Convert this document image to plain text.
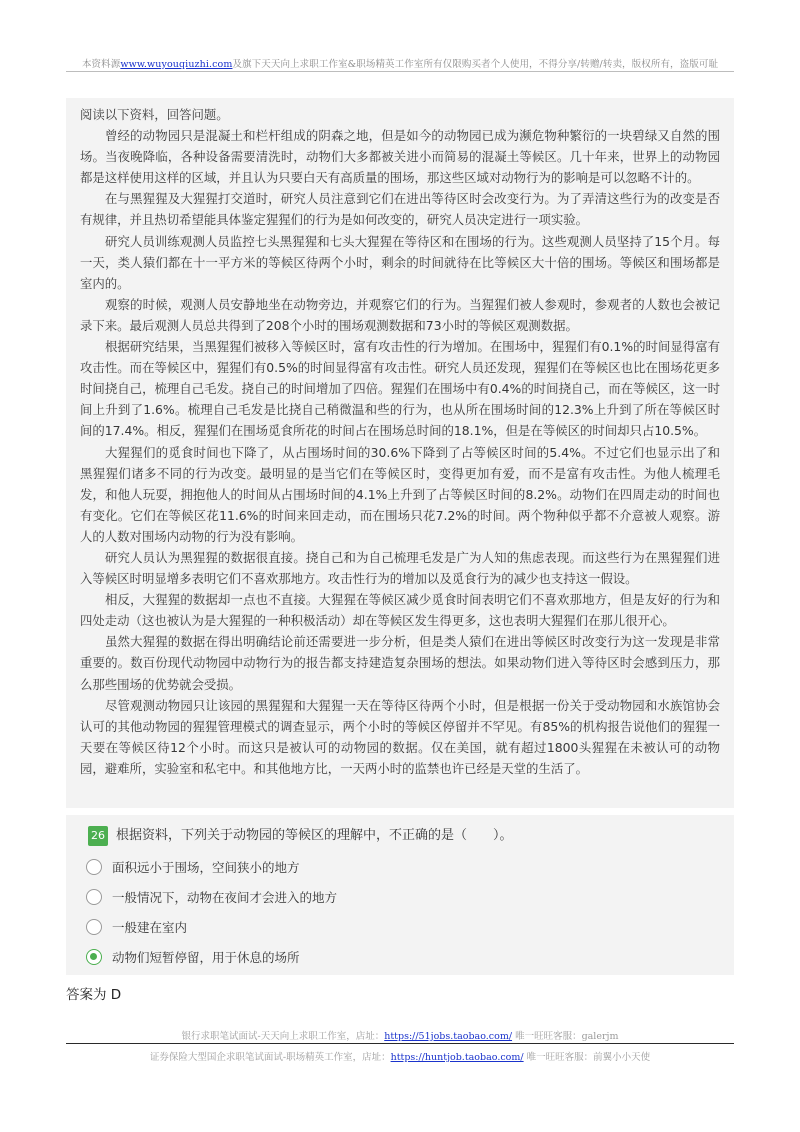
本资料源www.wuyouqiuzhi.com及旗下天天向上求职工作室&职场精英工作室所有仅限购买者个人使用，不得分享/转赠/转卖，版权所有，盗版可耻

阅读以下资料，回答问题。

曾经的动物园只是混凝土和栏杆组成的阴森之地，但是如今的动物园已成为濒危物种繁衍的一块碧绿又自然的围场。当夜晚降临，各种设备需要清洗时，动物们大多都被关进小而简易的混凝土等候区。几十年来，世界上的动物园都是这样使用这样的区域，并且认为只要白天有高质量的围场，那这些区域对动物行为的影响是可以忽略不计的。

在与黑猩猩及大猩猩打交道时，研究人员注意到它们在进出等待区时会改变行为。为了弄清这些行为的改变是否有规律，并且热切希望能具体鉴定猩猩们的行为是如何改变的，研究人员决定进行一项实验。

研究人员训练观测人员监控七头黑猩猩和七头大猩猩在等待区和在围场的行为。这些观测人员坚持了15个月。每一天，类人猿们都在十一平方米的等候区待两个小时，剩余的时间就待在比等候区大十倍的围场。等候区和围场都是室内的。

观察的时候，观测人员安静地坐在动物旁边，并观察它们的行为。当猩猩们被人参观时，参观者的人数也会被记录下来。最后观测人员总共得到了208个小时的围场观测数据和73小时的等候区观测数据。

根据研究结果，当黑猩猩们被移入等候区时，富有攻击性的行为增加。在围场中，猩猩们有0.1%的时间显得富有攻击性。而在等候区中，猩猩们有0.5%的时间显得富有攻击性。研究人员还发现，猩猩们在等候区也比在围场花更多时间挠自己，梳理自己毛发。挠自己的时间增加了四倍。猩猩们在围场中有0.4%的时间挠自己，而在等候区，这一时间上升到了1.6%。梳理自己毛发是比挠自己稍微温和些的行为，也从所在围场时间的12.3%上升到了所在等候区时间的17.4%。相反，猩猩们在围场觅食所花的时间占在围场总时间的18.1%，但是在等候区的时间却只占10.5%。

大猩猩们的觅食时间也下降了，从占围场时间的30.6%下降到了占等候区时间的5.4%。不过它们也显示出了和黑猩猩们诸多不同的行为改变。最明显的是当它们在等候区时，变得更加有爱，而不是富有攻击性。为他人梳理毛发，和他人玩耍，拥抱他人的时间从占围场时间的4.1%上升到了占等候区时间的8.2%。动物们在四周走动的时间也有变化。它们在等候区花11.6%的时间来回走动，而在围场只花7.2%的时间。两个物种似乎都不介意被人观察。游人的人数对围场内动物的行为没有影响。

研究人员认为黑猩猩的数据很直接。挠自己和为自己梳理毛发是广为人知的焦虑表现。而这些行为在黑猩猩们进入等候区时明显增多表明它们不喜欢那地方。攻击性行为的增加以及觅食行为的减少也支持这一假设。

相反，大猩猩的数据却一点也不直接。大猩猩在等候区减少觅食时间表明它们不喜欢那地方，但是友好的行为和四处走动（这也被认为是大猩猩的一种积极活动）却在等候区发生得更多，这也表明大猩猩们在那儿很开心。

虽然大猩猩的数据在得出明确结论前还需要进一步分析，但是类人猿们在进出等候区时改变行为这一发现是非常重要的。数百份现代动物园中动物行为的报告都支持建造复杂围场的想法。如果动物们进入等待区时会感到压力，那么那些围场的优势就会受损。

尽管观测动物园只让该园的黑猩猩和大猩猩一天在等待区待两个小时，但是根据一份关于受动物园和水族馆协会认可的其他动物园的猩猩管理模式的调查显示，两个小时的等候区停留并不罕见。有85%的机构报告说他们的猩猩一天要在等候区待12个小时。而这只是被认可的动物园的数据。仅在美国，就有超过1800头猩猩在未被认可的动物园，避难所，实验室和私宅中。和其他地方比，一天两小时的监禁也许已经是天堂的生活了。

26 根据资料，下列关于动物园的等候区的理解中，不正确的是（　　）。
面积远小于围场，空间狭小的地方
一般情况下，动物在夜间才会进入的地方
一般建在室内
动物们短暂停留，用于休息的场所
答案为 D
银行求职笔试面试-天天向上求职工作室，店址：https://51jobs.taobao.com/ 唯一旺旺客服：galerjm
证券保险大型国企求职笔试面试-职场精英工作室，店址：https://huntjob.taobao.com/ 唯一旺旺客服：前翼小小天使
